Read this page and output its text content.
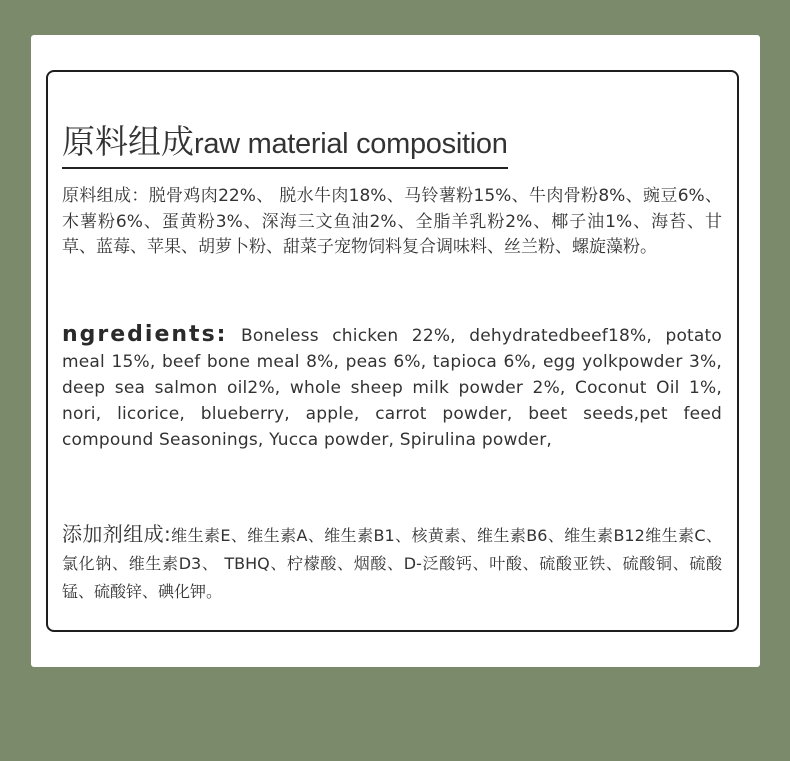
原料组成raw material composition
原料组成：脱骨鸡肉22%、 脱水牛肉18%、马铃薯粉15%、牛肉骨粉8%、豌豆6%、木薯粉6%、蛋黄粉3%、深海三文鱼油2%、全脂羊乳粉2%、椰子油1%、海苔、甘草、蓝莓、苹果、胡萝卜粉、甜菜子宠物饲料复合调味料、丝兰粉、螺旋藻粉。
ngredients: Boneless chicken 22%, dehydratedbeef18%, potato meal 15%, beef bone meal 8%, peas 6%, tapioca 6%, egg yolkpowder 3%, deep sea salmon oil2%, whole sheep milk powder 2%, Coconut Oil 1%, nori, licorice, blueberry, apple, carrot powder, beet seeds,pet feed compound Seasonings, Yucca powder, Spirulina powder,
添加剂组成:维生素E、维生素A、维生素B1、核黄素、维生素B6、维生素B12维生素C、氯化钠、维生素D3、 TBHQ、柠檬酸、烟酸、D-泛酸钙、叶酸、硫酸亚铁、硫酸铜、硫酸锰、硫酸锌、碘化钾。
